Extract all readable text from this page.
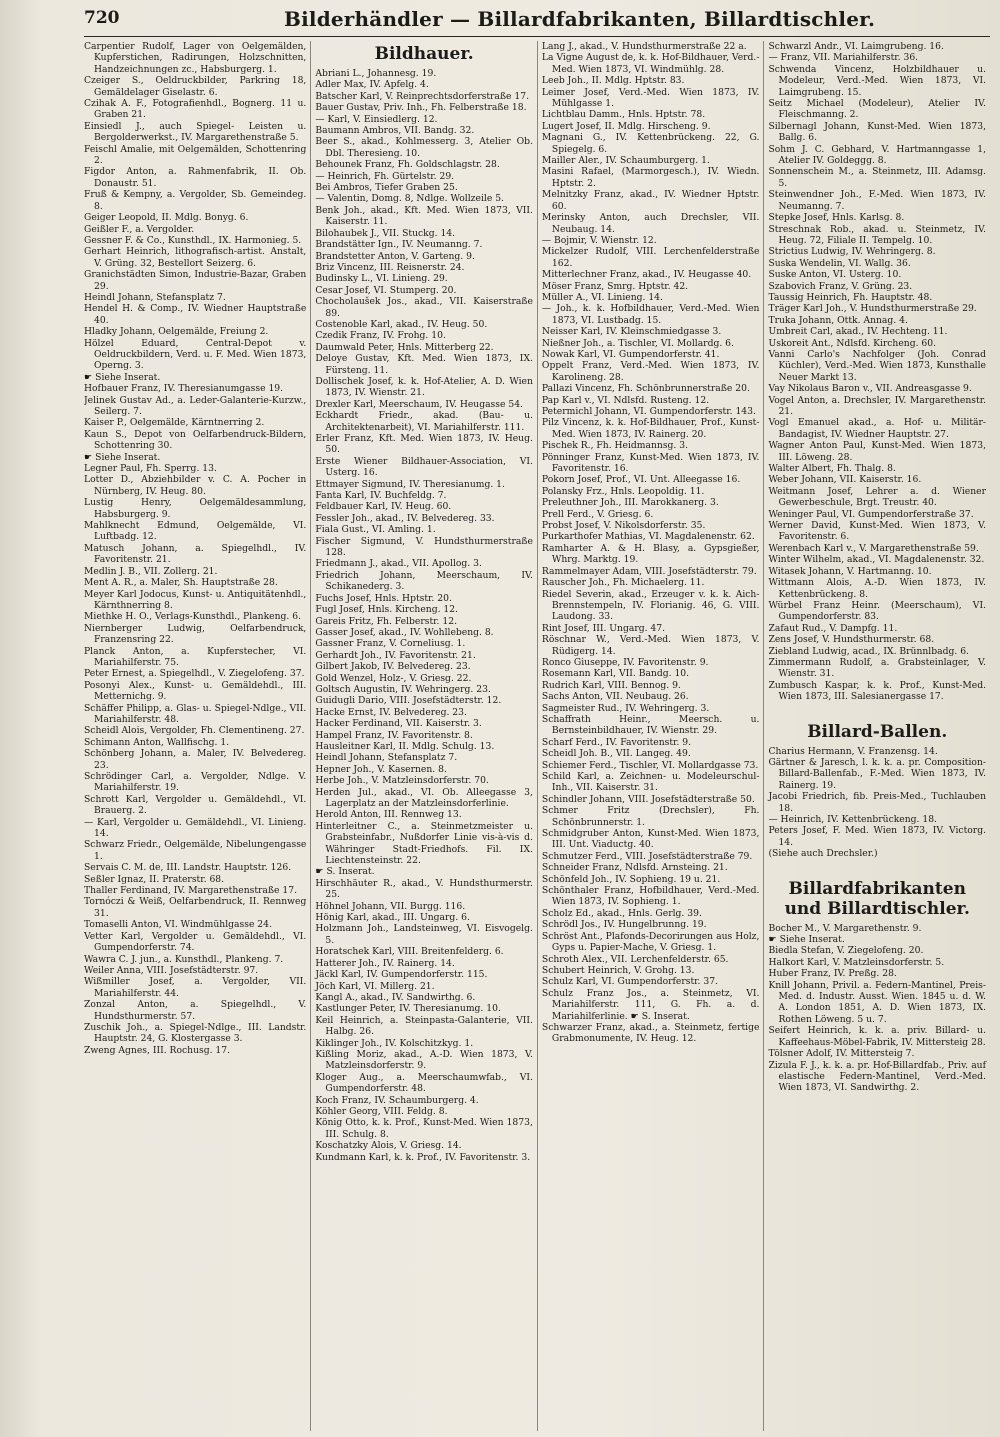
720	Bilderhändler — Billardfabrikanten, Billardtischler.

Carpentier Rudolf, Lager von Oelgemälden, Kupferstichen, Radirungen, Holzschnitten, Handzeichnungen zc., Habsburgerg. 1.

Czeiger S., Oeldruckbilder, Parkring 18, Gemäldelager Giselastr. 6.

Czihak A. F., Fotografienhdl., Bognerg. 11 u. Graben 21.

Einsiedl J., auch Spiegel- Leisten u. Bergolderwerkst., IV. Margarethenstraße 5.

Feischl Amalie, mit Oelgemälden, Schottenring 2.

Figdor Anton, a. Rahmenfabrik, II. Ob. Donaustr. 51.

Fruß & Kempny, a. Vergolder, Sb. Gemeindeg. 8.

Geiger Leopold, II. Mdlg. Bonyg. 6.

Geißler F., a. Vergolder.

Gessner F. & Co., Kunsthdl., IX. Harmonieg. 5.

Gerhart Heinrich, lithografisch-artist. Anstalt, V. Grüng. 32, Bestellort Seizerg. 6.

Granichstädten Simon, Industrie-Bazar, Graben 29.

Heindl Johann, Stefansplatz 7.

Hendel H. & Comp., IV. Wiedner Hauptstraße 40.

Hladky Johann, Oelgemälde, Freiung 2.

Hölzel Eduard, Central-Depot v. Oeldruckbildern, Verd. u. F. Med. Wien 1873, Operng. 3.

☛ Siehe Inserat.

Hofbauer Franz, IV. Theresianumgasse 19.

Jelinek Gustav Ad., a. Leder-Galanterie-Kurzw., Seilerg. 7.

Kaiser P., Oelgemälde, Kärntnerring 2.

Kaun S., Depot von Oelfarbendruck-Bildern, Schottenring 30.

☛ Siehe Inserat.

Legner Paul, Fh. Sperrg. 13.

Lotter D., Abziehbilder v. C. A. Pocher in Nürnberg, IV. Heug. 80.

Lustig Henry, Oelgemäldesammlung, Habsburgerg. 9.

Mahlknecht Edmund, Oelgemälde, VI. Luftbadg. 12.

Matusch Johann, a. Spiegelhdl., IV. Favoritenstr. 21.

Medlin J. B., VII. Zollerg. 21.

Ment A. R., a. Maler, Sh. Hauptstraße 28.

Meyer Karl Jodocus, Kunst- u. Antiquitätenhdl., Kärnthnerring 8.

Miethke H. O., Verlags-Kunsthdl., Plankeng. 6.

Niernberger Ludwig, Oelfarbendruck, Franzensring 22.

Planck Anton, a. Kupferstecher, VI. Mariahilferstr. 75.

Peter Ernest, a. Spiegelhdl., V. Ziegelofeng. 37.

Posonyi Alex., Kunst- u. Gemäldehdl., III. Metternichg. 9.

Schäffer Philipp, a. Glas- u. Spiegel-Ndlge., VII. Mariahilferstr. 48.

Scheidl Alois, Vergolder, Fh. Clementineng. 27.

Schimann Anton, Wallfischg. 1.

Schönberg Johann, a. Maler, IV. Belvedereg. 23.

Schrödinger Carl, a. Vergolder, Ndlge. V. Mariahilferstr. 19.

Schrott Karl, Vergolder u. Gemäldehdl., VI. Brauerg. 2.

— Karl, Vergolder u. Gemäldehdl., VI. Linieng. 14.

Schwarz Friedr., Oelgemälde, Nibelungengasse 1.

Servais C. M. de, III. Landstr. Hauptstr. 126.

Seßler Ignaz, II. Praterstr. 68.

Thaller Ferdinand, IV. Margarethenstraße 17.

Tornóczi & Weiß, Oelfarbendruck, II. Rennweg 31.

Tomaselli Anton, VI. Windmühlgasse 24.

Vetter Karl, Vergolder u. Gemäldehdl., VI. Gumpendorferstr. 74.

Wawra C. J. jun., a. Kunsthdl., Plankeng. 7.

Weiler Anna, VIII. Josefstädterstr. 97.

Wißmiller Josef, a. Vergolder, VII. Mariahilferstr. 44.

Zonzal Anton, a. Spiegelhdl., V. Hundsthurmerstr. 57.

Zuschik Joh., a. Spiegel-Ndlge., III. Landstr. Hauptstr. 24, G. Klostergasse 3.

Zweng Agnes, III. Rochusg. 17.

Bildhauer.

Abriani L., Johannesg. 19.

Adler Max, IV. Apfelg. 4.

Batscher Karl, V. Reinprechtsdorferstraße 17.

Bauer Gustav, Priv. Inh., Fh. Felberstraße 18.

— Karl, V. Einsiedlerg. 12.

Baumann Ambros, VII. Bandg. 32.

Beer S., akad., Kohlmesserg. 3, Atelier Ob. Dbl. Theresieng. 10.

Behounek Franz, Fh. Goldschlagstr. 28.

— Heinrich, Fh. Gürtelstr. 29.

Bei Ambros, Tiefer Graben 25.

— Valentin, Domg. 8, Ndlge. Wollzeile 5.

Benk Joh., akad., Kft. Med. Wien 1873, VII. Kaiserstr. 11.

Bilohaubek J., VII. Stuckg. 14.

Brandstätter Ign., IV. Neumanng. 7.

Brandstetter Anton, V. Garteng. 9.

Briz Vincenz, III. Reisnerstr. 24.

Budinsky L., VI. Linieng. 29.

Cesar Josef, VI. Stumperg. 20.

Chocholaušek Jos., akad., VII. Kaiserstraße 89.

Costenoble Karl, akad., IV. Heug. 50.

Czedik Franz, IV. Frohg. 10.

Daumwald Peter, Hnls. Mitterberg 22.

Deloye Gustav, Kft. Med. Wien 1873, IX. Fürsteng. 11.

Dollischek Josef, k. k. Hof-Atelier, A. D. Wien 1873, IV. Wienstr. 21.

Drexler Karl, Meerschaum, IV. Heugasse 54.

Eckhardt Friedr., akad. (Bau- u. Architektenarbeit), VI. Mariahilferstr. 111.

Erler Franz, Kft. Med. Wien 1873, IV. Heug. 50.

Erste Wiener Bildhauer-Association, VI. Usterg. 16.

Ettmayer Sigmund, IV. Theresianumg. 1.

Fanta Karl, IV. Buchfeldg. 7.

Feldbauer Karl, IV. Heug. 60.

Fessler Joh., akad., IV. Belvedereg. 33.

Fiala Gust., VI. Amling. 1.

Fischer Sigmund, V. Hundsthurmerstraße 128.

Friedmann J., akad., VII. Apollog. 3.

Friedrich Johann, Meerschaum, IV. Schikanederg. 3.

Fuchs Josef, Hnls. Hptstr. 20.

Fugl Josef, Hnls. Kircheng. 12.

Gareis Fritz, Fh. Felberstr. 12.

Gasser Josef, akad., IV. Wohllebeng. 8.

Gassner Franz, V. Corneliusg. 1.

Gerhardt Joh., IV. Favoritenstr. 21.

Gilbert Jakob, IV. Belvedereg. 23.

Gold Wenzel, Holz-, V. Griesg. 22.

Goltsch Augustin, IV. Wehringerg. 23.

Guidugli Dario, VIII. Josefstädterstr. 12.

Hacke Ernst, IV. Belvedereg. 23.

Hacker Ferdinand, VII. Kaiserstr. 3.

Hampel Franz, IV. Favoritenstr. 8.

Hausleitner Karl, II. Mdlg. Schulg. 13.

Heindl Johann, Stefansplatz 7.

Hepner Joh., V. Kasernen. 8.

Herbe Joh., V. Matzleinsdorferstr. 70.

Herden Jul., akad., VI. Ob. Alleegasse 3, Lagerplatz an der Matzleinsdorferlinie.

Herold Anton, III. Rennweg 13.

Hinterleitner C., a. Steinmetzmeister u. Grabsteinfabr., Nußdorfer Linie vis-à-vis d. Währinger Stadt-Friedhofs. Fil. IX. Liechtensteinstr. 22.

☛ S. Inserat.

Hirschhäuter R., akad., V. Hundsthurmerstr. 25.

Höhnel Johann, VII. Burgg. 116.

Hönig Karl, akad., III. Ungarg. 6.

Holzmann Joh., Landsteinweg, VI. Eisvogelg. 5.

Horatschek Karl, VIII. Breitenfelderg. 6.

Hatterer Joh., IV. Rainerg. 14.

Jäckl Karl, IV. Gumpendorferstr. 115.

Jöch Karl, VI. Millerg. 21.

Kangl A., akad., IV. Sandwirthg. 6.

Kastlunger Peter, IV. Theresianumg. 10.

Keil Heinrich, a. Steinpasta-Galanterie, VII. Halbg. 26.

Kiklinger Joh., IV. Kolschitzkyg. 1.

Kißling Moriz, akad., A.-D. Wien 1873, V. Matzleinsdorferstr. 9.

Kloger Aug., a. Meerschaumwfab., VI. Gumpendorferstr. 48.

Koch Franz, IV. Schaumburgerg. 4.

Köhler Georg, VIII. Feldg. 8.

König Otto, k. k. Prof., Kunst-Med. Wien 1873, III. Schulg. 8.

Koschatzky Alois, V. Griesg. 14.

Kundmann Karl, k. k. Prof., IV. Favoritenstr. 3.

Lang J., akad., V. Hundsthurmerstraße 22 a.

La Vigne August de, k. k. Hof-Bildhauer, Verd.-Med. Wien 1873, VI. Windmühlg. 28.

Leeb Joh., II. Mdlg. Hptstr. 83.

Leimer Josef, Verd.-Med. Wien 1873, IV. Mühlgasse 1.

Lichtblau Damm., Hnls. Hptstr. 78.

Lugert Josef, II. Mdlg. Hirscheng. 9.

Magnani G., IV. Kettenbrückeng. 22, G. Spiegelg. 6.

Mailler Aler., IV. Schaumburgerg. 1.

Masini Rafael, (Marmorgesch.), IV. Wiedn. Hptstr. 2.

Melnitzky Franz, akad., IV. Wiedner Hptstr. 60.

Merinsky Anton, auch Drechsler, VII. Neubaug. 14.

— Bojmir, V. Wienstr. 12.

Mickelzer Rudolf, VIII. Lerchenfelderstraße 162.

Mitterlechner Franz, akad., IV. Heugasse 40.

Möser Franz, Smrg. Hptstr. 42.

Müller A., VI. Linieng. 14.

— Joh., k. k. Hofbildhauer, Verd.-Med. Wien 1873, VI. Lustbadg. 15.

Neisser Karl, IV. Kleinschmiedgasse 3.

Nießner Joh., a. Tischler, VI. Mollardg. 6.

Nowak Karl, VI. Gumpendorferstr. 41.

Oppelt Franz, Verd.-Med. Wien 1873, IV. Karolineng. 28.

Pallazi Vincenz, Fh. Schönbrunnerstraße 20.

Pap Karl v., VI. Ndlsfd. Rusteng. 12.

Petermichl Johann, VI. Gumpendorferstr. 143.

Pilz Vincenz, k. k. Hof-Bildhauer, Prof., Kunst-Med. Wien 1873, IV. Rainerg. 20.

Pischek R., Fh. Heidmannsg. 3.

Pönninger Franz, Kunst-Med. Wien 1873, IV. Favoritenstr. 16.

Pokorn Josef, Prof., VI. Unt. Alleegasse 16.

Polansky Frz., Hnls. Leopoldig. 11.

Preleuthner Joh., III. Marokkanerg. 3.

Prell Ferd., V. Griesg. 6.

Probst Josef, V. Nikolsdorferstr. 35.

Purkarthofer Mathias, VI. Magdalenenstr. 62.

Ramharter A. & H. Blasy, a. Gypsgießer, Whrg. Marktg. 19.

Rammelmayer Adam, VIII. Josefstädterstr. 79.

Rauscher Joh., Fh. Michaelerg. 11.

Riedel Severin, akad., Erzeuger v. k. k. Aich-Brennstempeln, IV. Florianig. 46, G. VIII. Laudong. 33.

Rint Josef, III. Ungarg. 47.

Röschnar W., Verd.-Med. Wien 1873, V. Rüdigerg. 14.

Ronco Giuseppe, IV. Favoritenstr. 9.

Rosemann Karl, VII. Bandg. 10.

Rudrich Karl, VIII. Bennog. 9.

Sachs Anton, VII. Neubaug. 26.

Sagmeister Rud., IV. Wehringerg. 3.

Schaffrath Heinr., Meersch. u. Bernsteinbildhauer, IV. Wienstr. 29.

Scharf Ferd., IV. Favoritenstr. 9.

Scheidl Joh. B., VII. Langeg. 49.

Schiemer Ferd., Tischler, VI. Mollardgasse 73.

Schild Karl, a. Zeichnen- u. Modeleurschul-Inh., VII. Kaiserstr. 31.

Schindler Johann, VIII. Josefstädterstraße 50.

Schmer Fritz (Drechsler), Fh. Schönbrunnerstr. 1.

Schmidgruber Anton, Kunst-Med. Wien 1873, III. Unt. Viaductg. 40.

Schmutzer Ferd., VIII. Josefstädterstraße 79.

Schneider Franz, Ndlsfd. Arnsteing. 21.

Schönfeld Joh., IV. Sophieng. 19 u. 21.

Schönthaler Franz, Hofbildhauer, Verd.-Med. Wien 1873, IV. Sophieng. 1.

Scholz Ed., akad., Hnls. Gerlg. 39.

Schrödl Jos., IV. Hungelbrunng. 19.

Schröst Ant., Plafonds-Decorirungen aus Holz, Gyps u. Papier-Mache, V. Griesg. 1.

Schroth Alex., VII. Lerchenfelderstr. 65.

Schubert Heinrich, V. Grohg. 13.

Schulz Karl, VI. Gumpendorferstr. 37.

Schulz Franz Jos., a. Steinmetz, VI. Mariahilferstr. 111, G. Fh. a. d. Mariahilferlinie. ☛ S. Inserat.

Schwarzer Franz, akad., a. Steinmetz, fertige Grabmonumente, IV. Heug. 12.

Schwarzl Andr., VI. Laimgrubeng. 16.

— Franz, VII. Mariahilferstr. 36.

Schwenda Vincenz, Holzbildhauer u. Modeleur, Verd.-Med. Wien 1873, VI. Laimgrubeng. 15.

Seitz Michael (Modeleur), Atelier IV. Fleischmanng. 2.

Silbernagl Johann, Kunst-Med. Wien 1873, Ballg. 6.

Sohm J. C. Gebhard, V. Hartmanngasse 1, Atelier IV. Goldeggg. 8.

Sonnenschein M., a. Steinmetz, III. Adamsg. 5.

Steinwendner Joh., F.-Med. Wien 1873, IV. Neumanng. 7.

Stepke Josef, Hnls. Karlsg. 8.

Streschnak Rob., akad. u. Steinmetz, IV. Heug. 72, Filiale II. Tempelg. 10.

Strictius Ludwig, IV. Wehringerg. 8.

Suska Wendelin, VI. Wallg. 36.

Suske Anton, VI. Usterg. 10.

Szabovich Franz, V. Grüng. 23.

Taussig Heinrich, Fh. Hauptstr. 48.

Träger Karl Joh., V. Hundsthurmerstraße 29.

Truka Johann, Ottk. Annag. 4.

Umbreit Carl, akad., IV. Hechteng. 11.

Uskoreit Ant., Ndlsfd. Kircheng. 60.

Vanni Carlo's Nachfolger (Joh. Conrad Küchler), Verd.-Med. Wien 1873, Kunsthalle Neuer Markt 13.

Vay Nikolaus Baron v., VII. Andreasgasse 9.

Vogel Anton, a. Drechsler, IV. Margarethenstr. 21.

Vogl Emanuel akad., a. Hof- u. Militär-Bandagist, IV. Wiedner Hauptstr. 27.

Wagner Anton Paul, Kunst-Med. Wien 1873, III. Löweng. 28.

Walter Albert, Fh. Thalg. 8.

Weber Johann, VII. Kaiserstr. 16.

Weitmann Josef, Lehrer a. d. Wiener Gewerbeschule, Brgt. Treustr. 40.

Weninger Paul, VI. Gumpendorferstraße 37.

Werner David, Kunst-Med. Wien 1873, V. Favoritenstr. 6.

Werenbach Karl v., V. Margarethenstraße 59.

Winter Wilhelm, akad., VI. Magdalenenstr. 32.

Witasek Johann, V. Hartmanng. 10.

Wittmann Alois, A.-D. Wien 1873, IV. Kettenbrückeng. 8.

Würbel Franz Heinr. (Meerschaum), VI. Gumpendorferstr. 83.

Zafaut Rud., V. Dampfg. 11.

Zens Josef, V. Hundsthurmerstr. 68.

Ziebland Ludwig, acad., IX. Brünnlbadg. 6.

Zimmermann Rudolf, a. Grabsteinlager, V. Wienstr. 31.

Zumbusch Kaspar, k. k. Prof., Kunst-Med. Wien 1873, III. Salesianergasse 17.

Billard-Ballen.

Charius Hermann, V. Franzensg. 14.

Gärtner & Jaresch, l. k. k. a. pr. Composition-Billard-Ballenfab., F.-Med. Wien 1873, IV. Rainerg. 19.

Jacobi Friedrich, fib. Preis-Med., Tuchlauben 18.

— Heinrich, IV. Kettenbrückeng. 18.

Peters Josef, F. Med. Wien 1873, IV. Victorg. 14.

(Siehe auch Drechsler.)

Billardfabrikanten und Billardtischler.

Bocher M., V. Margarethenstr. 9.

☛ Siehe Inserat.

Biedla Stefan, V. Ziegelofeng. 20.

Halkort Karl, V. Matzleinsdorferstr. 5.

Huber Franz, IV. Preßg. 28.

Knill Johann, Privil. a. Federn-Mantinel, Preis-Med. d. Industr. Ausst. Wien. 1845 u. d. W. A. London 1851, A. D. Wien 1873, IX. Rothen Löweng. 5 u. 7.

Seifert Heinrich, k. k. a. priv. Billard- u. Kaffeehaus-Möbel-Fabrik, IV. Mittersteig 28.

Tölsner Adolf, IV. Mittersteig 7.

Zizula F. J., k. k. a. pr. Hof-Billardfab., Priv. auf elastische Federn-Mantinel, Verd.-Med. Wien 1873, VI. Sandwirthg. 2.
